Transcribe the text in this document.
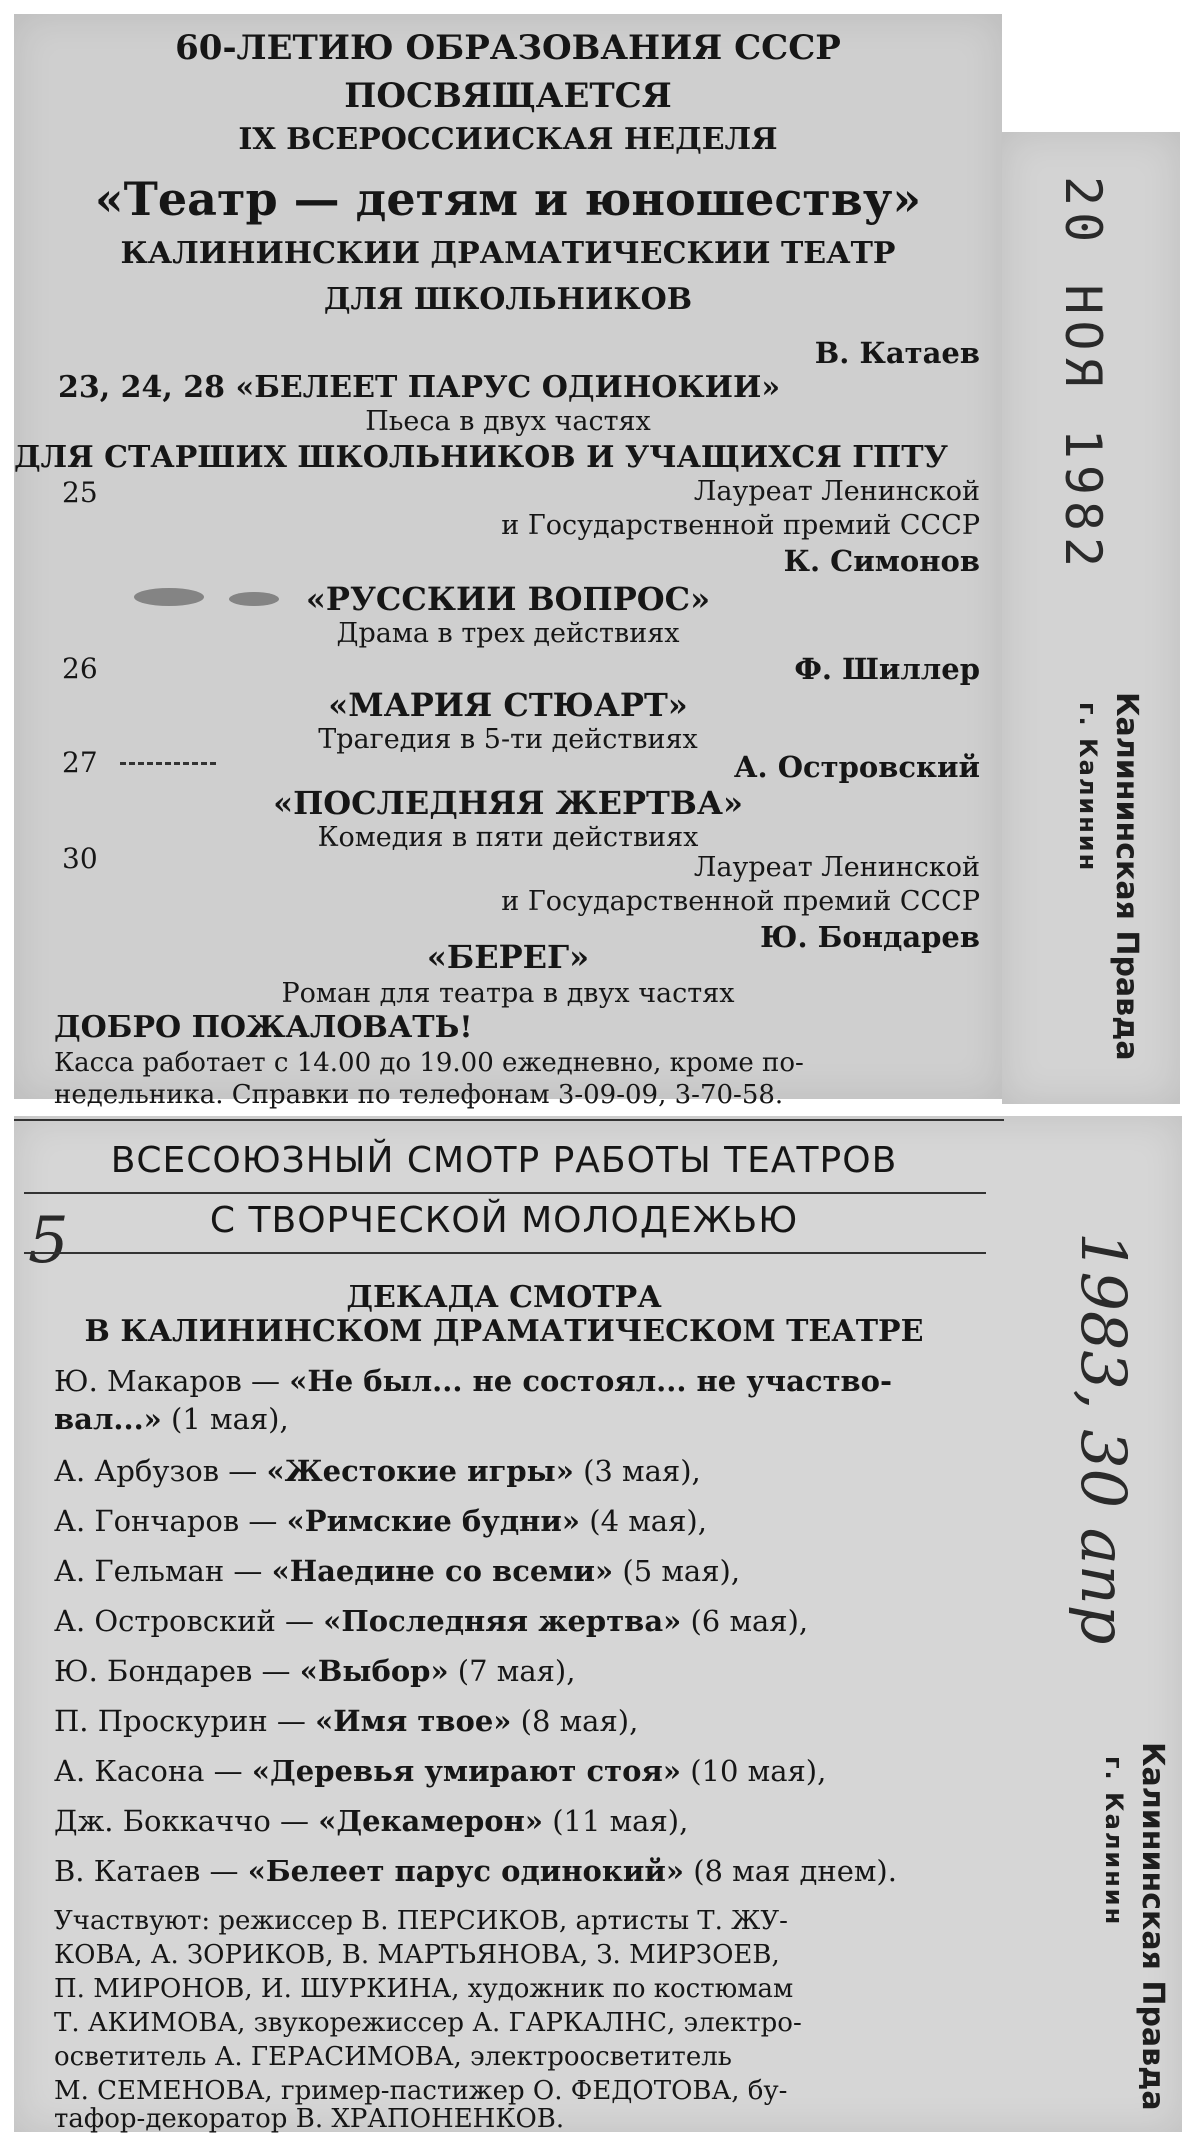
60-ЛЕТИЮ ОБРАЗОВАНИЯ СССР
ПОСВЯЩАЕТСЯ
IX ВСЕРОССИИСКАЯ НЕДЕЛЯ
«Театр — детям и юношеству»
КАЛИНИНСКИИ ДРАМАТИЧЕСКИИ ТЕАТР
ДЛЯ ШКОЛЬНИКОВ
В. Катаев
23, 24, 28 «БЕЛЕЕТ ПАРУС ОДИНОКИИ»
Пьеса в двух частях
ДЛЯ СТАРШИХ ШКОЛЬНИКОВ И УЧАЩИХСЯ ГПТУ
25	Лауреат Ленинской
и Государственной премий СССР
К. Симонов
«РУССКИИ ВОПРОС»
Драма в трех действиях
26	Ф. Шиллер
«МАРИЯ СТЮАРТ»
Трагедия в 5-ти действиях
27	А. Островский
«ПОСЛЕДНЯЯ ЖЕРТВА»
Комедия в пяти действиях
30	Лауреат Ленинской
и Государственной премий СССР
Ю. Бондарев
«БЕРЕГ»
Роман для театра в двух частях
ДОБРО ПОЖАЛОВАТЬ!
Касса работает с 14.00 до 19.00 ежедневно, кроме по-
недельника. Справки по телефонам 3-09-09, 3-70-58.
20 НОЯ 1982
Калининская Правда
г. Калинин
5	1983, 30 апр
ВСЕСОЮЗНЫЙ СМОТР РАБОТЫ ТЕАТРОВ
С ТВОРЧЕСКОЙ МОЛОДЕЖЬЮ
ДЕКАДА СМОТРА
В КАЛИНИНСКОМ ДРАМАТИЧЕСКОМ ТЕАТРЕ
Ю. Макаров — «Не был... не состоял... не участво-
вал...» (1 мая),
А. Арбузов — «Жестокие игры» (3 мая),
А. Гончаров — «Римские будни» (4 мая),
А. Гельман — «Наедине со всеми» (5 мая),
А. Островский — «Последняя жертва» (6 мая),
Ю. Бондарев — «Выбор» (7 мая),
П. Проскурин — «Имя твое» (8 мая),
А. Касона — «Деревья умирают стоя» (10 мая),
Дж. Боккаччо — «Декамерон» (11 мая),
В. Катаев — «Белеет парус одинокий» (8 мая днем).
Участвуют: режиссер В. ПЕРСИКОВ, артисты Т. ЖУ-
КОВА, А. ЗОРИКОВ, В. МАРТЬЯНОВА, З. МИРЗОЕВ,
П. МИРОНОВ, И. ШУРКИНА, художник по костюмам
Т. АКИМОВА, звукорежиссер А. ГАРКАЛНС, электро-
осветитель А. ГЕРАСИМОВА, электроосветитель
М. СЕМЕНОВА, гример-пастижер О. ФЕДОТОВА, бу-
тафор-декоратор В. ХРАПОНЕНКОВ.
Калининская Правда
г. Калинин
